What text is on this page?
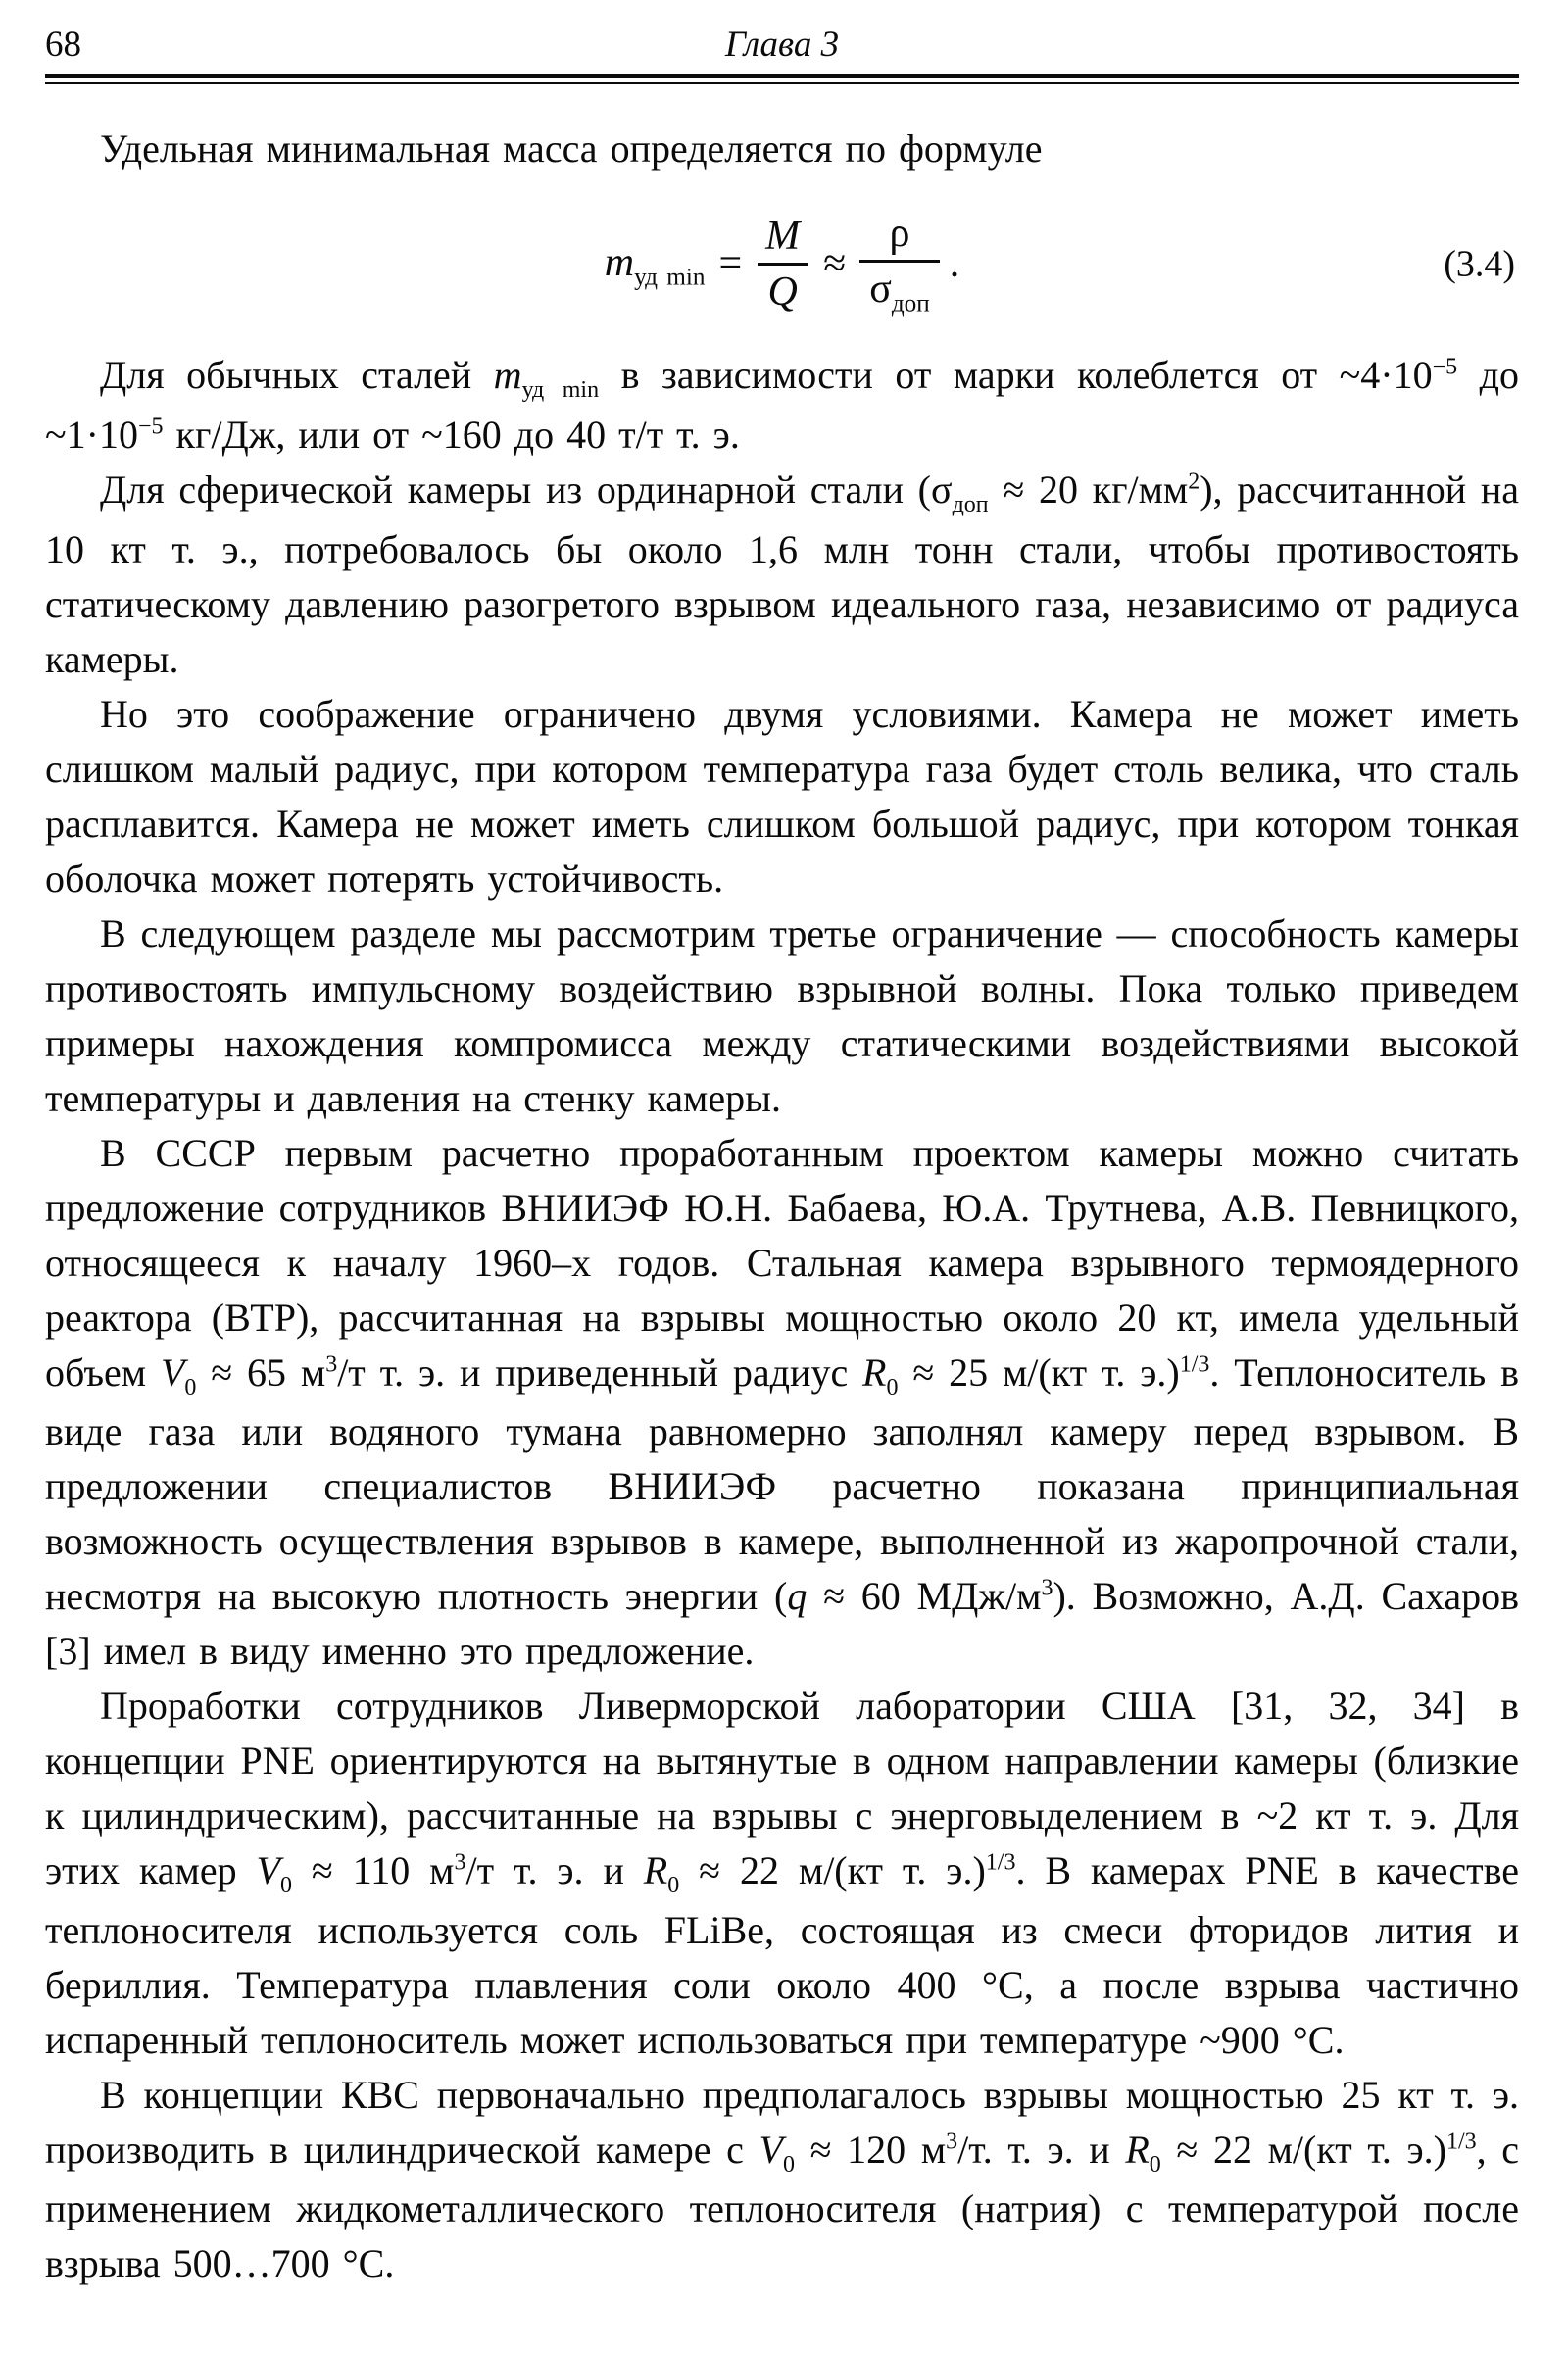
68	Глава 3

Удельная минимальная масса определяется по формуле

$m_{уд min} = \frac{M}{Q} \approx \frac{\rho}{\sigma_{доп}}$ .	(3.4)

Для обычных сталей $m_{уд min}$ в зависимости от марки колеблется от $\sim 4\cdot 10^{-5}$ до $\sim 1\cdot 10^{-5}$ кг/Дж, или от ~160 до 40 т/т т. э.

Для сферической камеры из ординарной стали ($\sigma_{доп} \approx 20$ $кг/мм^2$), рассчитанной на 10 кт т. э., потребовалось бы около 1,6 млн тонн стали, чтобы противостоять статическому давлению разогретого взрывом идеального газа, независимо от радиуса камеры.

Но это соображение ограничено двумя условиями. Камера не может иметь слишком малый радиус, при котором температура газа будет столь велика, что сталь расплавится. Камера не может иметь слишком большой радиус, при котором тонкая оболочка может потерять устойчивость.

В следующем разделе мы рассмотрим третье ограничение — способность камеры противостоять импульсному воздействию взрывной волны. Пока только приведем примеры нахождения компромисса между статическими воздействиями высокой температуры и давления на стенку камеры.

В СССР первым расчетно проработанным проектом камеры можно считать предложение сотрудников ВНИИЭФ Ю.Н. Бабаева, Ю.А. Трутнева, А.В. Певницкого, относящееся к началу 1960–х годов. Стальная камера взрывного термоядерного реактора (ВТР), рассчитанная на взрывы мощностью около 20 кт, имела удельный объем $V_0 \approx 65$ $м^3/т$ т. э. и приведенный радиус $R_0 \approx 25$ м/(кт т. э.)$^{1/3}$. Теплоноситель в виде газа или водяного тумана равномерно заполнял камеру перед взрывом. В предложении специалистов ВНИИЭФ расчетно показана принципиальная возможность осуществления взрывов в камере, выполненной из жаропрочной стали, несмотря на высокую плотность энергии (q ≈ 60 МДж/$м^3$). Возможно, А.Д. Сахаров [3] имел в виду именно это предложение.

Проработки сотрудников Ливерморской лаборатории США [31, 32, 34] в концепции PNE ориентируются на вытянутые в одном направлении камеры (близкие к цилиндрическим), рассчитанные на взрывы с энерговыделением в ~2 кт т. э. Для этих камер $V_0 \approx 110$ $м^3/т$ т. э. и $R_0 \approx 22$ м/(кт т. э.)$^{1/3}$. В камерах PNE в качестве теплоносителя используется соль FLiBe, состоящая из смеси фторидов лития и бериллия. Температура плавления соли около 400 °С, а после взрыва частично испаренный теплоноситель может использоваться при температуре ~900 °С.

В концепции КВС первоначально предполагалось взрывы мощностью 25 кт т. э. производить в цилиндрической камере с $V_0 \approx 120$ $м^3/т$. т. э. и $R_0 \approx 22$ м/(кт т. э.)$^{1/3}$, с применением жидкометаллического теплоносителя (натрия) с температурой после взрыва 500…700 °С.
